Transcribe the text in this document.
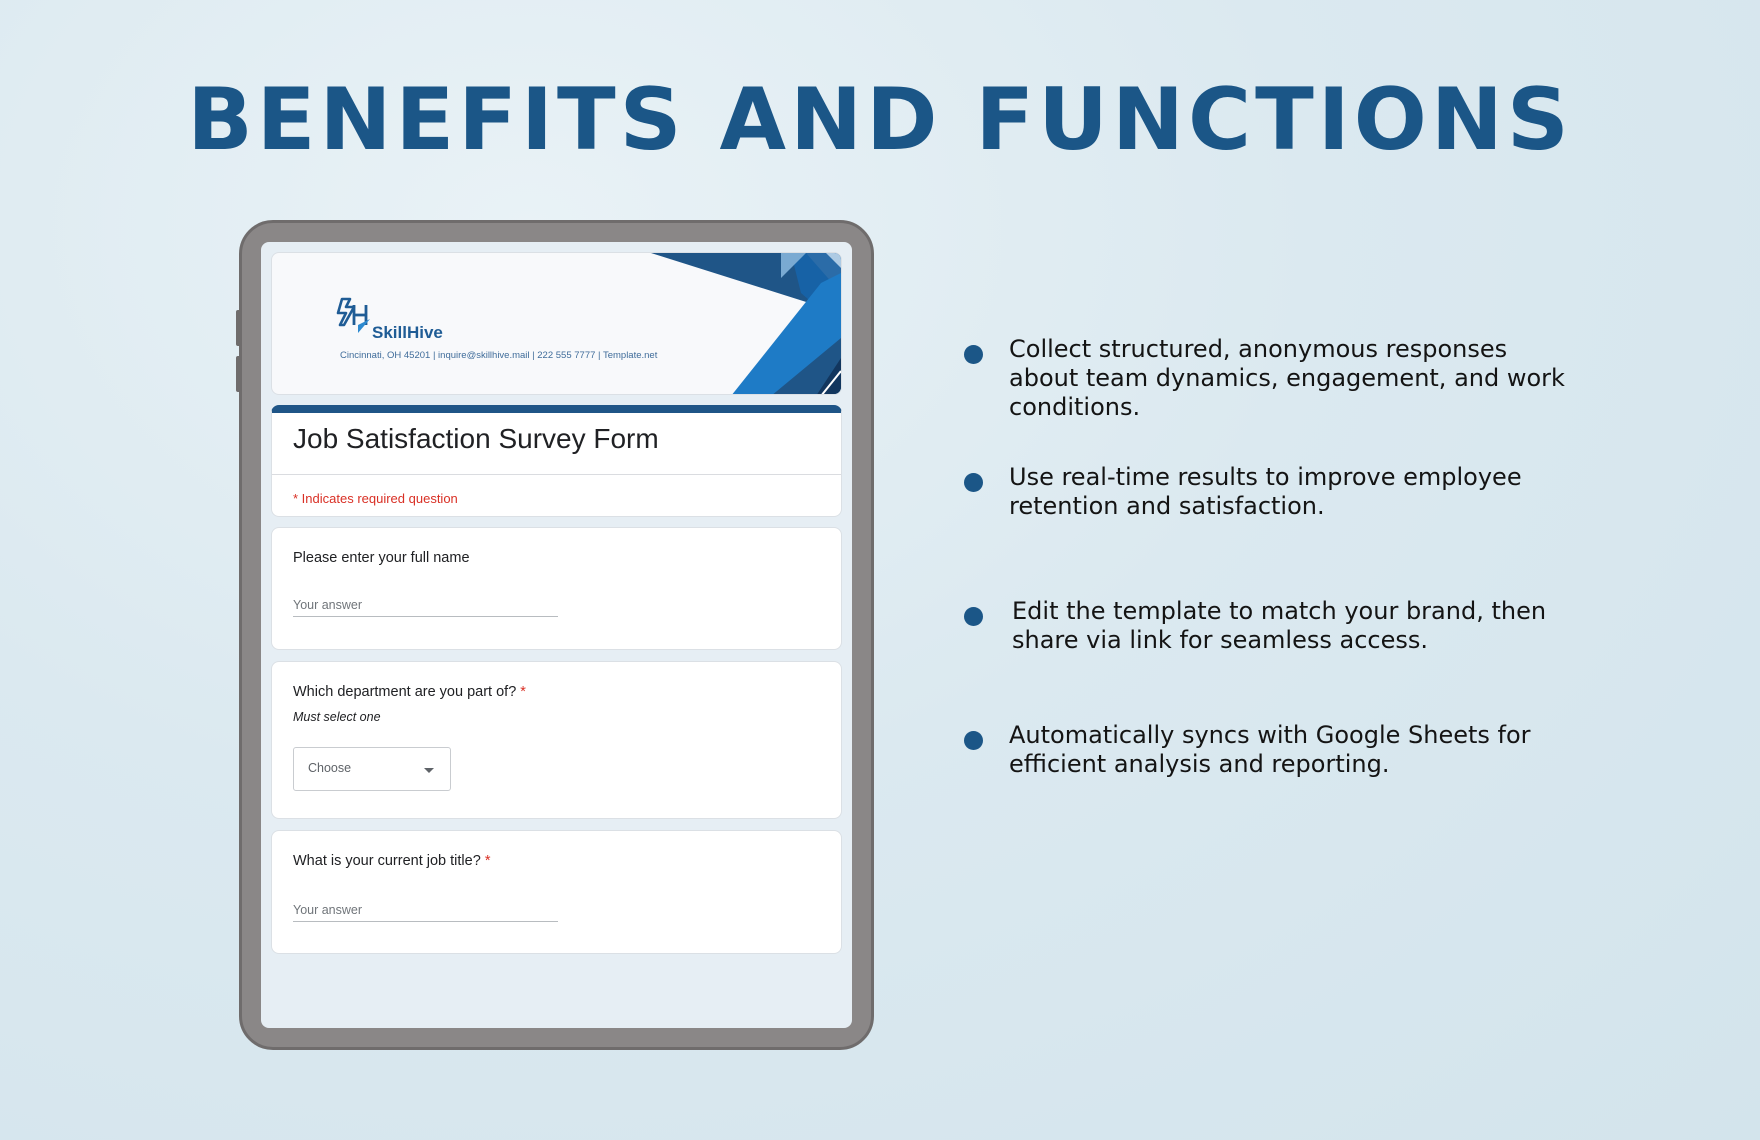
BENEFITS AND FUNCTIONS
SkillHive
Cincinnati, OH 45201 | inquire@skillhive.mail | 222 555 7777 | Template.net
Job Satisfaction Survey Form
* Indicates required question
Please enter your full name
Your answer
Which department are you part of? *
Must select one
Choose
What is your current job title? *
Your answer
Collect structured, anonymous responses about team dynamics, engagement, and work conditions.
Use real-time results to improve employee retention and satisfaction.
Edit the template to match your brand, then share via link for seamless access.
Automatically syncs with Google Sheets for efficient analysis and reporting.
